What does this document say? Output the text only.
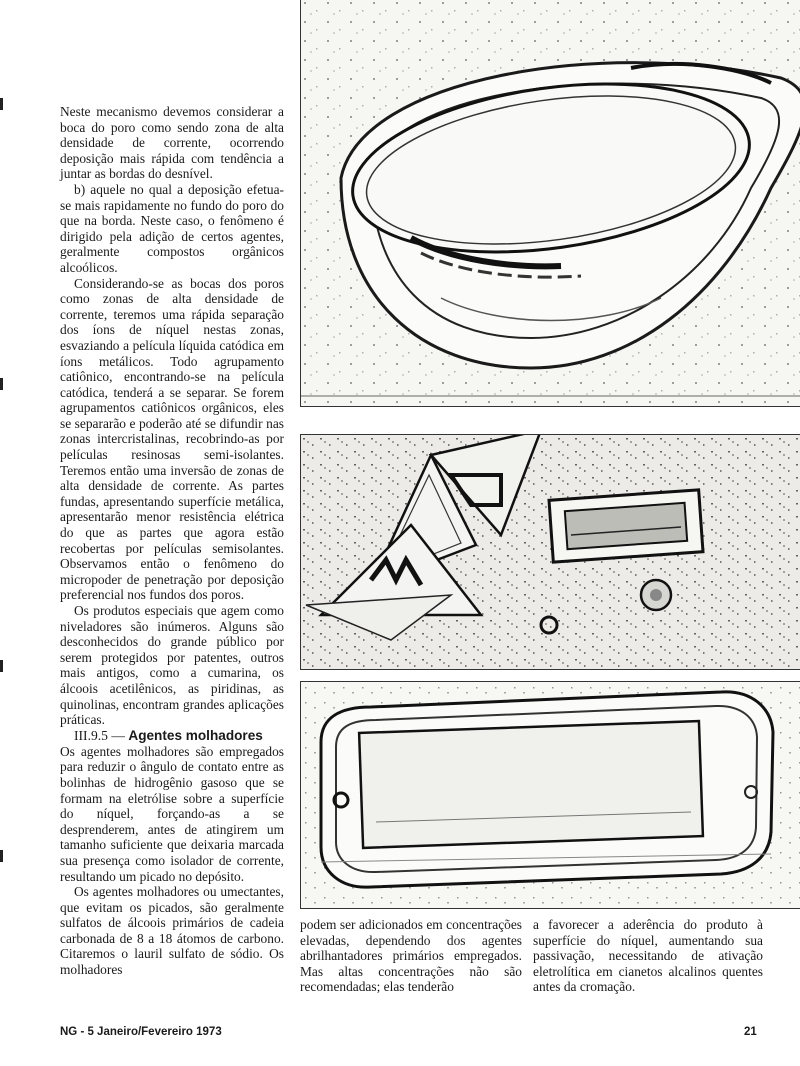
Neste mecanismo devemos considerar a boca do poro como sendo zona de alta densidade de corrente, ocorrendo deposição mais rápida com tendência a juntar as bordas do desnível.

b) aquele no qual a deposição efetua-se mais rapidamente no fundo do poro do que na borda. Neste caso, o fenômeno é dirigido pela adição de certos agentes, geralmente compostos orgânicos alcoólicos.

Considerando-se as bocas dos poros como zonas de alta densidade de corrente, teremos uma rápida separação dos íons de níquel nestas zonas, esvaziando a película líquida catódica em íons metálicos. Todo agrupamento catiônico, encontrando-se na película catódica, tenderá a se separar. Se forem agrupamentos catiônicos orgânicos, eles se separarão e poderão até se difundir nas zonas intercristalinas, recobrindo-as por películas resinosas semi-isolantes. Teremos então uma inversão de zonas de alta densidade de corrente. As partes fundas, apresentando superfície metálica, apresentarão menor resistência elétrica do que as partes que agora estão recobertas por películas semisolantes. Observamos então o fenômeno do micropoder de penetração por deposição preferencial nos fundos dos poros.

Os produtos especiais que agem como niveladores são inúmeros. Alguns são desconhecidos do grande público por serem protegidos por patentes, outros mais antigos, como a cumarina, os álcoois acetilênicos, as piridinas, as quinolinas, encontram grandes aplicações práticas.

III.9.5 — Agentes molhadores

Os agentes molhadores são empregados para reduzir o ângulo de contato entre as bolinhas de hidrogênio gasoso que se formam na eletrólise sobre a superfície do níquel, forçando-as a se desprenderem, antes de atingirem um tamanho suficiente que deixaria marcada sua presença como isolador de corrente, resultando um picado no depósito.

Os agentes molhadores ou umectantes, que evitam os picados, são geralmente sulfatos de álcoois primários de cadeia carbonada de 8 a 18 átomos de carbono. Citaremos o lauril sulfato de sódio. Os molhadores

podem ser adicionados em concentrações elevadas, dependendo dos agentes abrilhantadores primários empregados. Mas altas concentrações não são recomendadas; elas tenderão

a favorecer a aderência do produto à superfície do níquel, aumentando sua passivação, necessitando de ativação eletrolítica em cianetos alcalinos quentes antes da cromação.

NG - 5 Janeiro/Fevereiro 1973	21
